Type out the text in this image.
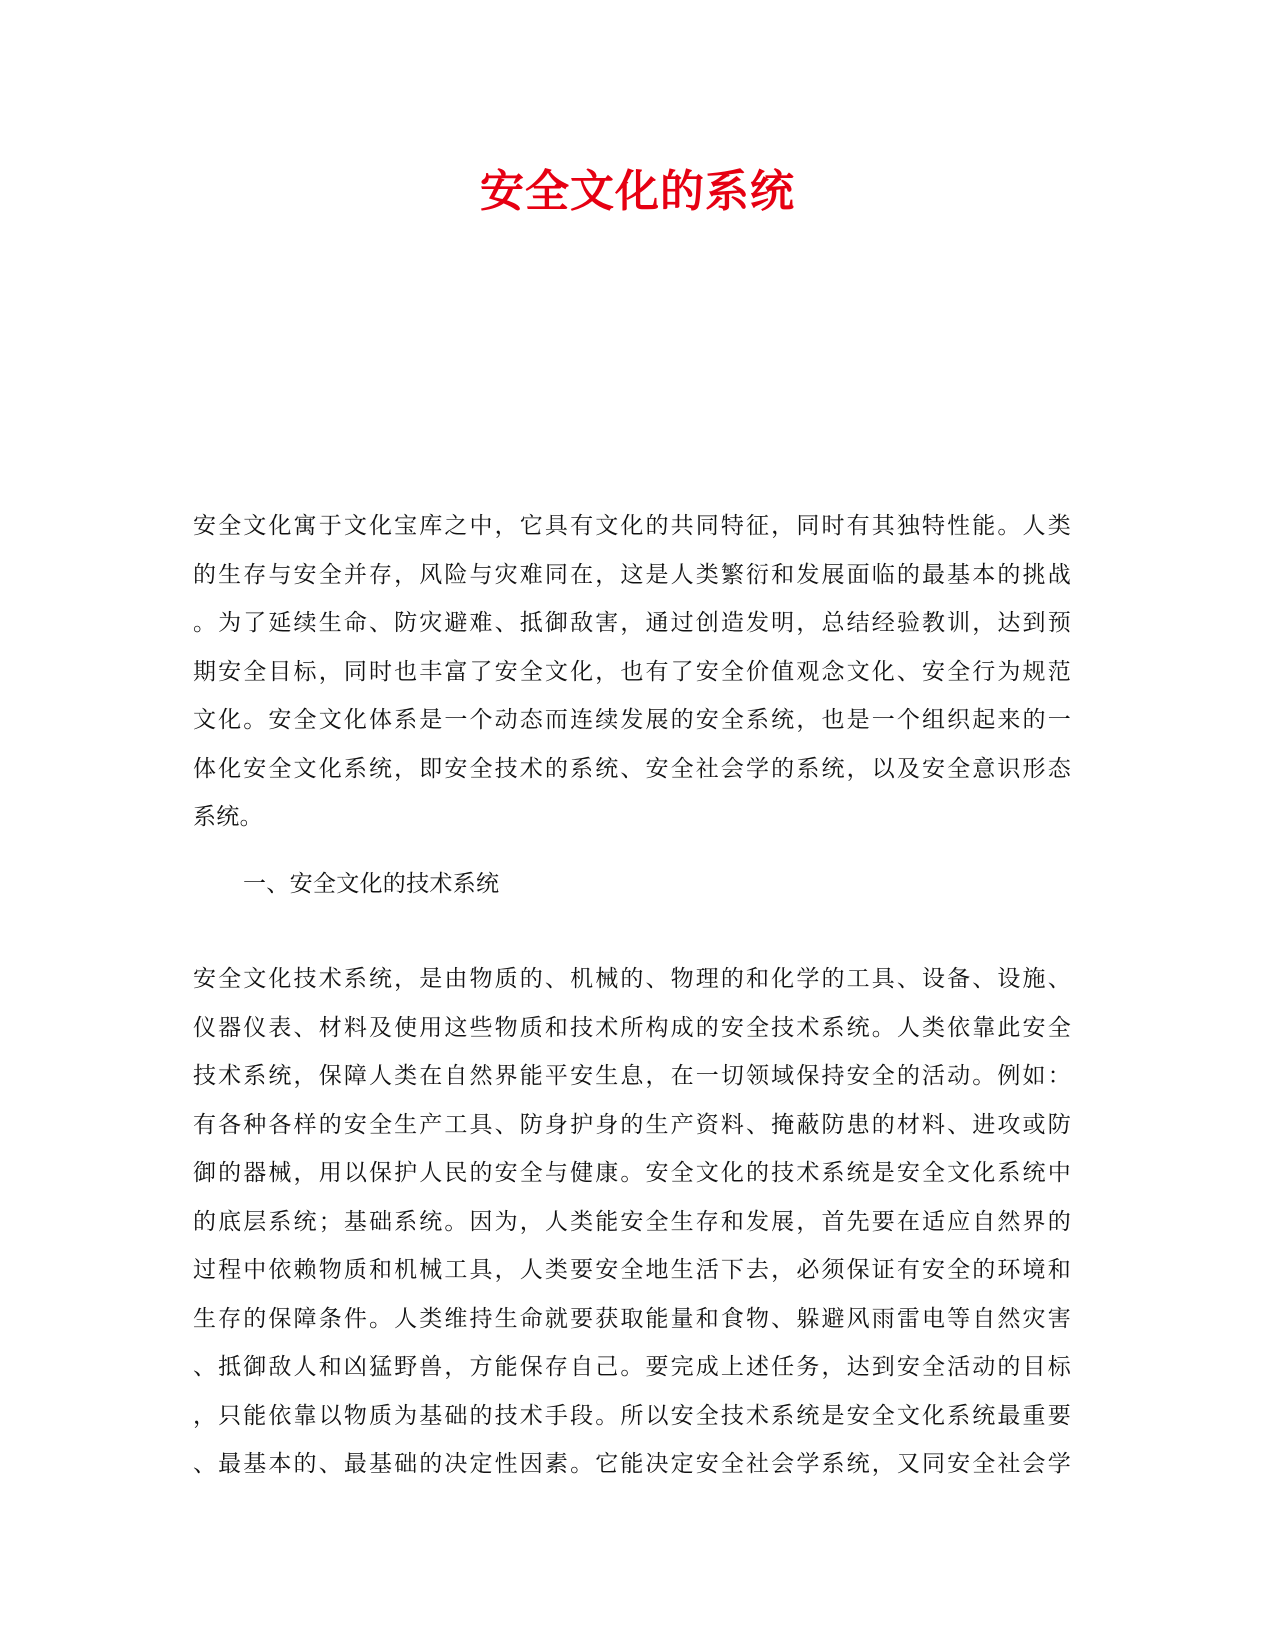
安全文化的系统
安全文化寓于文化宝库之中，它具有文化的共同特征，同时有其独特性能。人类
的生存与安全并存，风险与灾难同在，这是人类繁衍和发展面临的最基本的挑战
。为了延续生命、防灾避难、抵御敌害，通过创造发明，总结经验教训，达到预
期安全目标，同时也丰富了安全文化，也有了安全价值观念文化、安全行为规范
文化。安全文化体系是一个动态而连续发展的安全系统，也是一个组织起来的一
体化安全文化系统，即安全技术的系统、安全社会学的系统，以及安全意识形态
系统。

一、安全文化的技术系统

安全文化技术系统，是由物质的、机械的、物理的和化学的工具、设备、设施、
仪器仪表、材料及使用这些物质和技术所构成的安全技术系统。人类依靠此安全
技术系统，保障人类在自然界能平安生息，在一切领域保持安全的活动。例如：
有各种各样的安全生产工具、防身护身的生产资料、掩蔽防患的材料、进攻或防
御的器械，用以保护人民的安全与健康。安全文化的技术系统是安全文化系统中
的底层系统；基础系统。因为，人类能安全生存和发展，首先要在适应自然界的
过程中依赖物质和机械工具，人类要安全地生活下去，必须保证有安全的环境和
生存的保障条件。人类维持生命就要获取能量和食物、躲避风雨雷电等自然灾害
、抵御敌人和凶猛野兽，方能保存自己。要完成上述任务，达到安全活动的目标
，只能依靠以物质为基础的技术手段。所以安全技术系统是安全文化系统最重要
、最基本的、最基础的决定性因素。它能决定安全社会学系统，又同安全社会学
